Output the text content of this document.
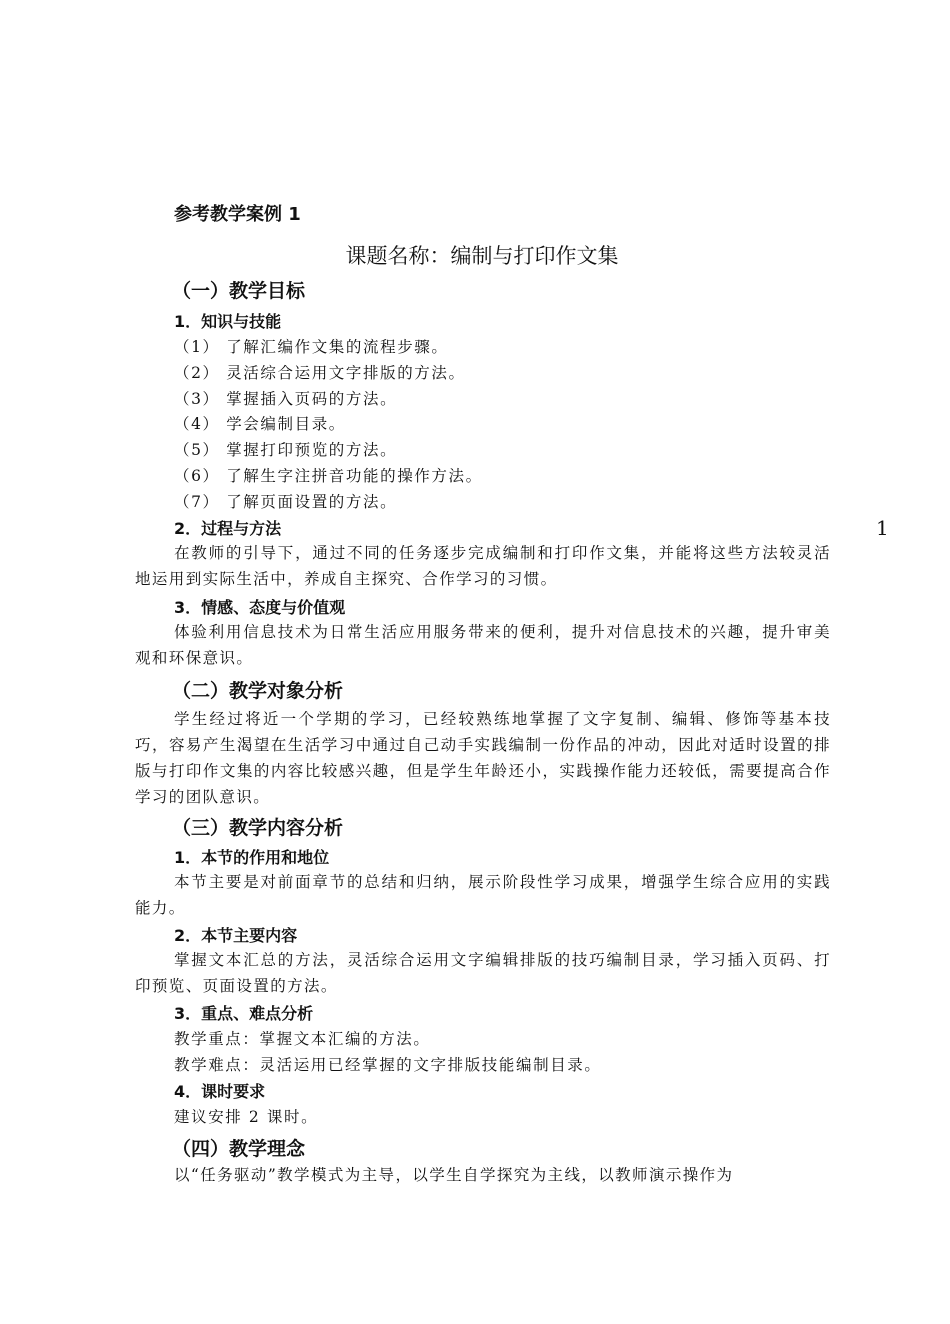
参考教学案例 1
课题名称：编制与打印作文集
（一）教学目标
1．知识与技能
（1） 了解汇编作文集的流程步骤。
（2） 灵活综合运用文字排版的方法。
（3） 掌握插入页码的方法。
（4） 学会编制目录。
（5） 掌握打印预览的方法。
（6） 了解生字注拼音功能的操作方法。
（7） 了解页面设置的方法。
2．过程与方法	1
在教师的引导下，通过不同的任务逐步完成编制和打印作文集，并能将这些方法较灵活地运用到实际生活中，养成自主探究、合作学习的习惯。
3．情感、态度与价值观
体验利用信息技术为日常生活应用服务带来的便利，提升对信息技术的兴趣，提升审美观和环保意识。
（二）教学对象分析
学生经过将近一个学期的学习，已经较熟练地掌握了文字复制、编辑、修饰等基本技巧，容易产生渴望在生活学习中通过自己动手实践编制一份作品的冲动，因此对适时设置的排版与打印作文集的内容比较感兴趣，但是学生年龄还小，实践操作能力还较低，需要提高合作学习的团队意识。
（三）教学内容分析
1．本节的作用和地位
本节主要是对前面章节的总结和归纳，展示阶段性学习成果，增强学生综合应用的实践能力。
2．本节主要内容
掌握文本汇总的方法，灵活综合运用文字编辑排版的技巧编制目录，学习插入页码、打印预览、页面设置的方法。
3．重点、难点分析
教学重点：掌握文本汇编的方法。
教学难点：灵活运用已经掌握的文字排版技能编制目录。
4．课时要求
建议安排 2 课时。
（四）教学理念
以“任务驱动”教学模式为主导，以学生自学探究为主线，以教师演示操作为
